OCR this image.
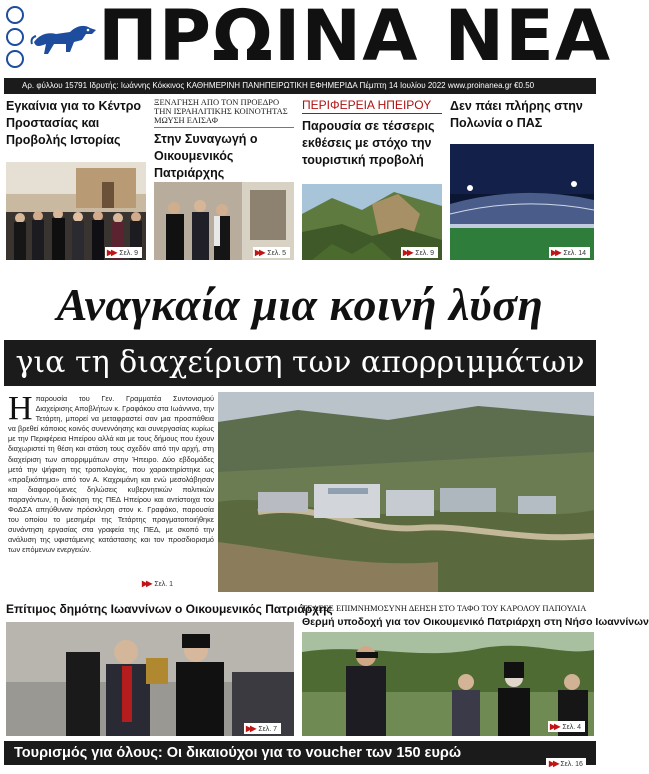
ΠΡΩΙΝΑ ΝΕΑ
Αρ. φύλλου 15791 Ιδρυτής: Ιωάννης Κόκκινος ΚΑΘΗΜΕΡΙΝΗ ΠΑΝΗΠΕΙΡΩΤΙΚΗ ΕΦΗΜΕΡΙΔΑ Πέμπτη 14 Ιουλίου 2022 www.proinanea.gr €0.50
Εγκαίνια για το Κέντρο Προστασίας και Προβολής Ιστορίας
▶▶ Σελ. 9
ΞΕΝΑΓΗΣΗ ΑΠΟ ΤΟΝ ΠΡΟΕΔΡΟ ΤΗΝ ΙΣΡΑΗΛΙΤΙΚΗΣ ΚΟΙΝΟΤΗΤΑΣ ΜΩΥΣΗ ΕΛΙΣΑΦ
Στην Συναγωγή ο Οικουμενικός Πατριάρχης
▶▶ Σελ. 5
ΠΕΡΙΦΕΡΕΙΑ ΗΠΕΙΡΟΥ
Παρουσία σε τέσσερις εκθέσεις με στόχο την τουριστική προβολή
▶▶ Σελ. 9
Δεν πάει πλήρης στην Πολωνία ο ΠΑΣ
▶▶ Σελ. 14
Αναγκαία μια κοινή λύση
για τη διαχείριση των απορριμμάτων
Η παρουσία του Γεν. Γραμματέα Συντονισμού Διαχείρισης Αποβλήτων κ. Γραφάκου στα Ιωάννινα, την Τετάρτη, μπορεί να μεταφραστεί σαν μια προσπάθεια να βρεθεί κάποιος κοινός συνεννόησης και συνεργασίας κυρίως με την Περιφέρεια Ηπείρου αλλά και με τους δήμους που έχουν διαχωριστεί τη θέση και στάση τους σχεδόν από την αρχή, στη διαχείριση των απορριμμάτων στην Ήπειρο. Δύο εβδομάδες μετά την ψήφιση της τροπολογίας, που χαρακτηρίστηκε ως «πραξικόπημα» από τον Α. Καχριμάνη και ενώ μεσολάβησαν και διαφορούμενες δηλώσεις κυβερνητικών πολιτικών παραγόντων, η διοίκηση της ΠΕΔ Ηπείρου και αντίστοιχα του ΦοΔΣΑ απηύθυναν πρόσκληση στον κ. Γραφάκο, παρουσία του οποίου το μεσημέρι της Τετάρτης πραγματοποιήθηκε συνάντηση εργασίας στα γραφεία της ΠΕΔ, με σκοπό την ανάλυση της υφιστάμενης κατάστασης και τον προσδιορισμό των επόμενων ενεργειών.
▶▶ Σελ. 1
Επίτιμος δημότης Ιωαννίνων ο Οικουμενικός Πατριάρχης
▶▶ Σελ. 7
ΤΕΛΕΣΕ ΕΠΙΜΝΗΜΟΣΥΝΗ ΔΕΗΣΗ ΣΤΟ ΤΑΦΟ ΤΟΥ ΚΑΡΟΛΟΥ ΠΑΠΟΥΛΙΑ
Θερμή υποδοχή για τον Οικουμενικό Πατριάρχη στη Νήσο Ιωαννίνων
▶▶ Σελ. 4
Τουρισμός για όλους: Οι δικαιούχοι για το voucher των 150 ευρώ
▶▶ Σελ. 16
